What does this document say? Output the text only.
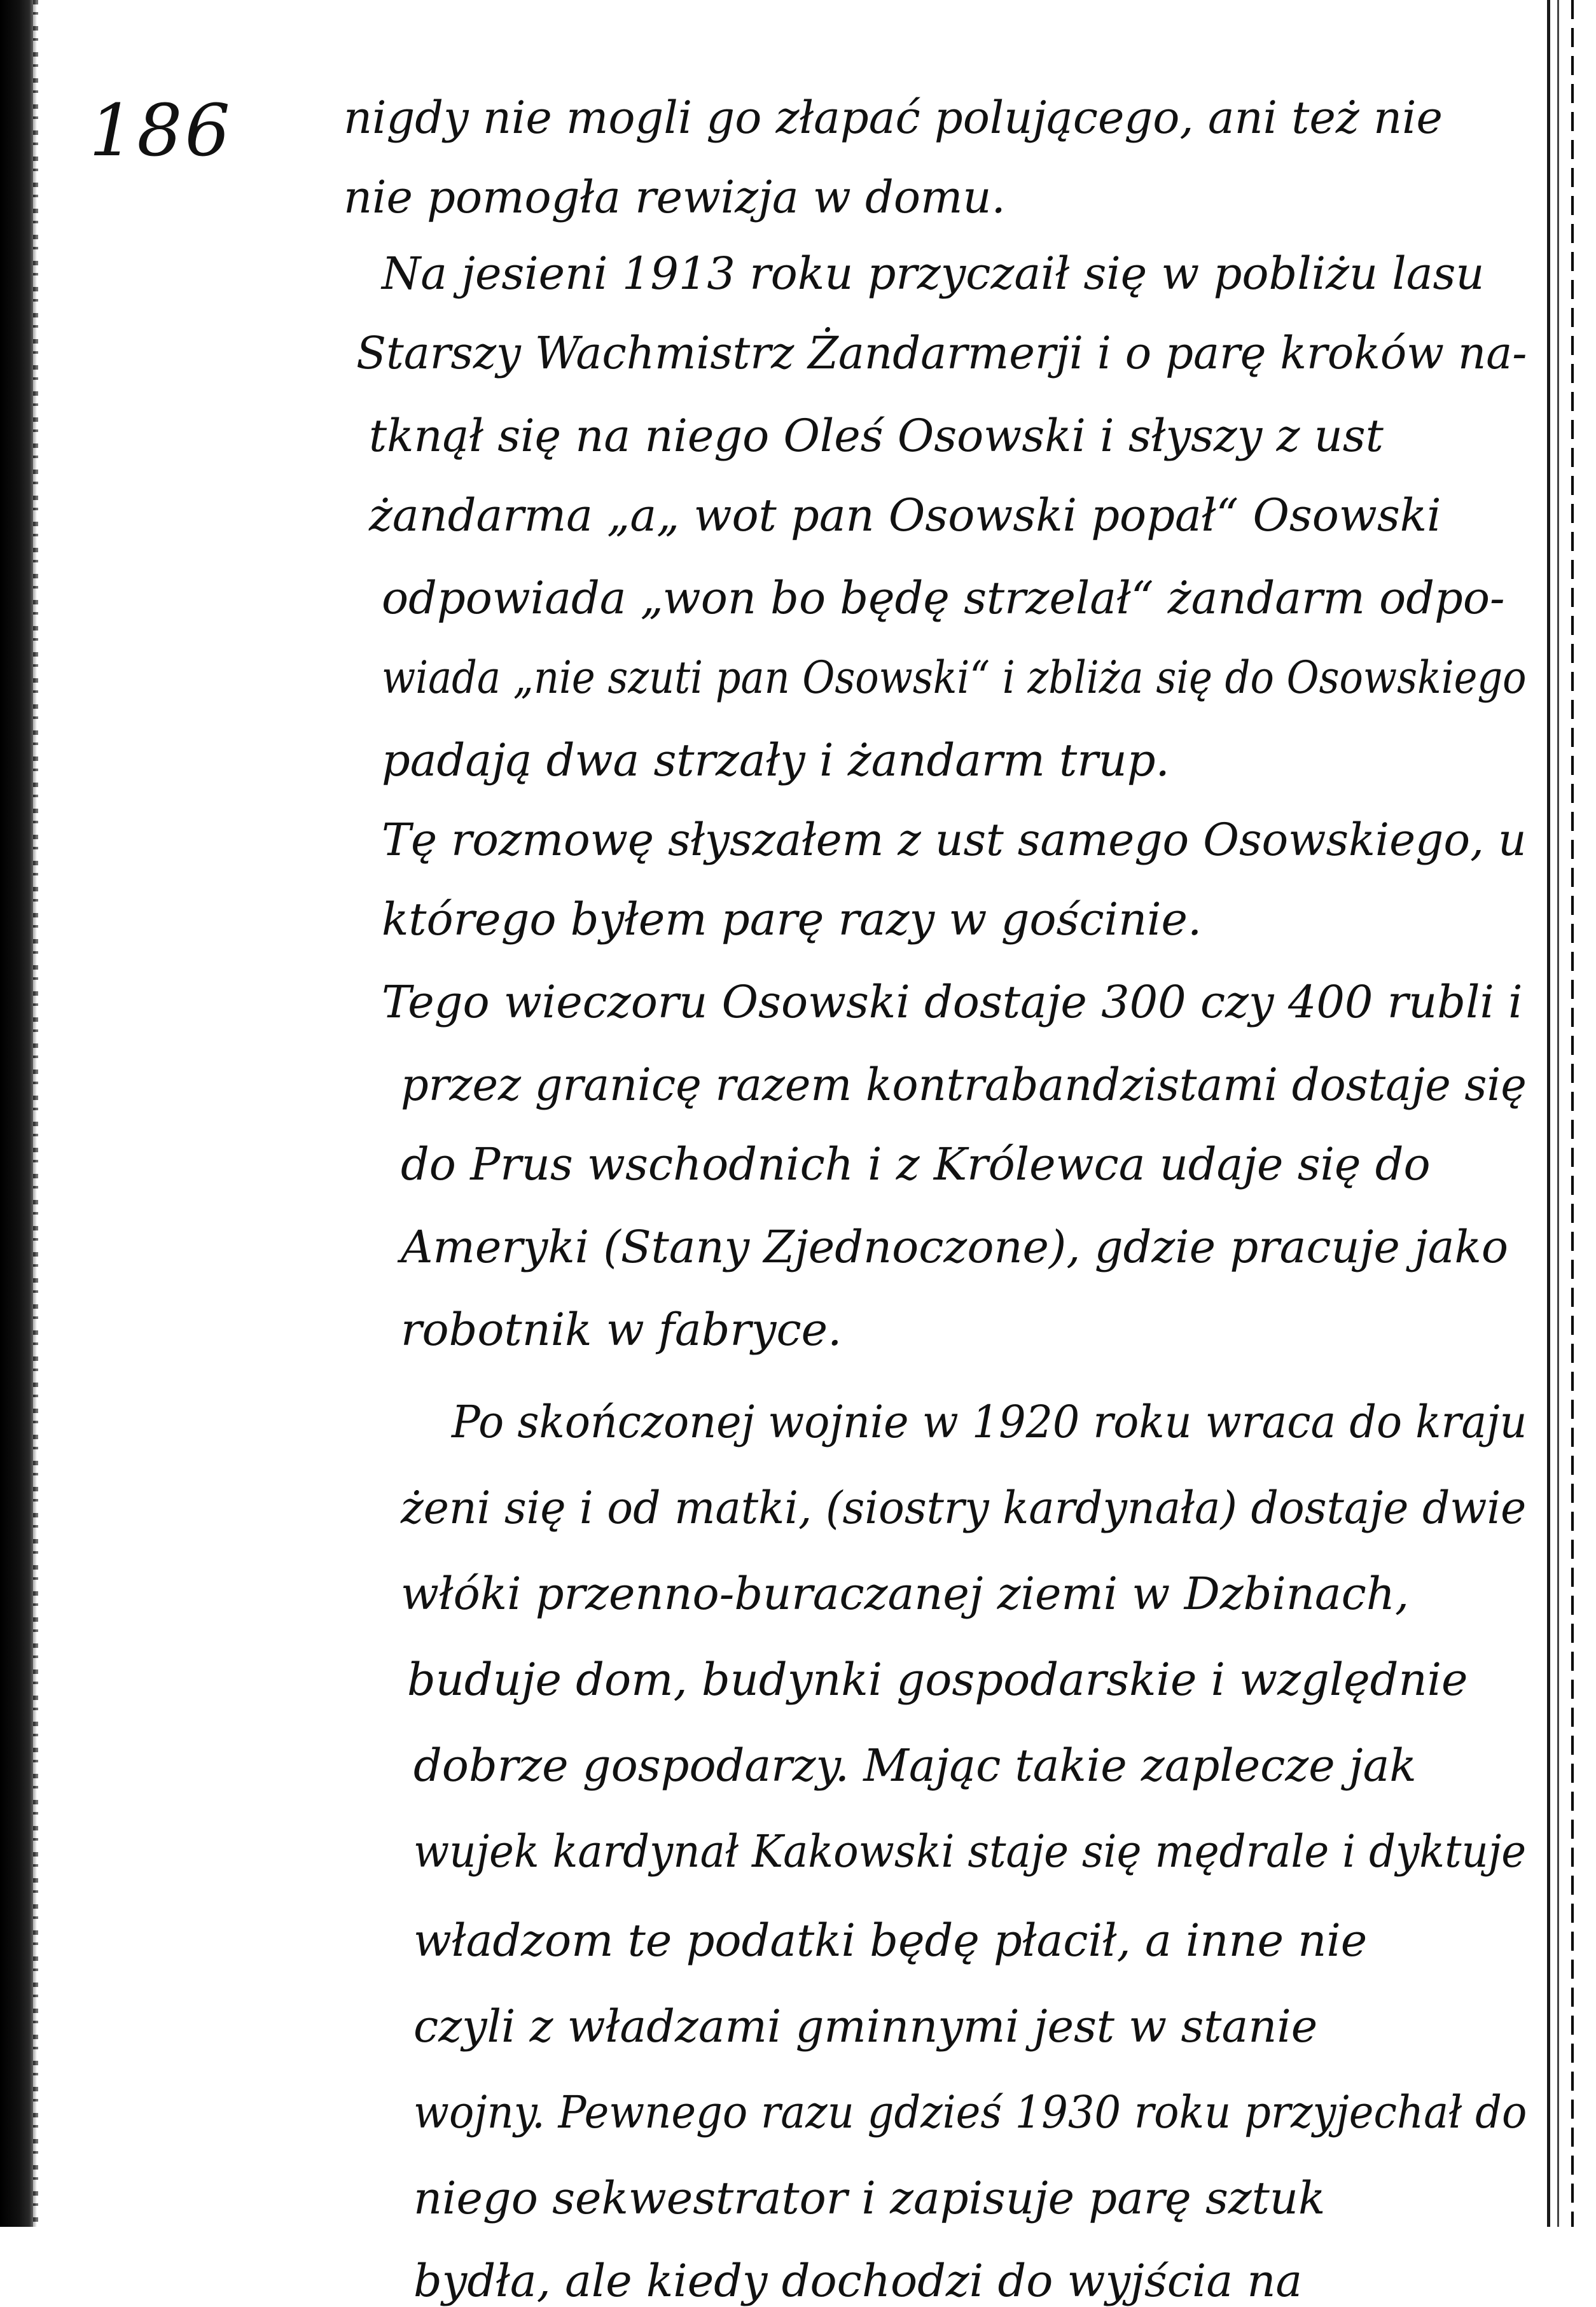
186 nigdy nie mogli go złapać polującego, ani też nie
nie pomogła rewizja w domu.
Na jesieni 1913 roku przyczaił się w pobliżu lasu
Starszy Wachmistrz Żandarmerji i o parę kroków na-
tknął się na niego Oleś Osowski i słyszy z ust
żandarma „a„ wot pan Osowski popał“ Osowski
odpowiada „won bo będę strzelał“ żandarm odpo-
wiada „nie szuti pan Osowski“ i zbliża się do Osowskiego
padają dwa strzały i żandarm trup.
Tę rozmowę słyszałem z ust samego Osowskiego, u
którego byłem parę razy w gościnie.
Tego wieczoru Osowski dostaje 300 czy 400 rubli i
przez granicę razem kontrabandzistami dostaje się
do Prus wschodnich i z Królewca udaje się do
Ameryki (Stany Zjednoczone), gdzie pracuje jako
robotnik w fabryce.
Po skończonej wojnie w 1920 roku wraca do kraju
żeni się i od matki, (siostry kardynała) dostaje dwie
włóki przenno-buraczanej ziemi w Dzbinach,
buduje dom, budynki gospodarskie i względnie
dobrze gospodarzy. Mając takie zaplecze jak
wujek kardynał Kakowski staje się mędrale i dyktuje
władzom te podatki będę płacił, a inne nie
czyli z władzami gminnymi jest w stanie
wojny. Pewnego razu gdzieś 1930 roku przyjechał do
niego sekwestrator i zapisuje parę sztuk
bydła, ale kiedy dochodzi do wyjścia na
